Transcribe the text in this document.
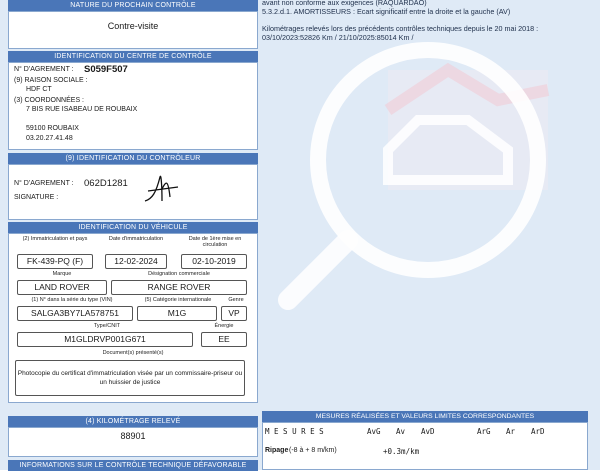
NATURE DU PROCHAIN CONTRÔLE
Contre-visite
IDENTIFICATION DU CENTRE DE CONTRÔLE
N° D'AGREMENT : S059F507
(9) RAISON SOCIALE :
HDF CT
(3) COORDONNÉES :
7 BIS RUE ISABEAU DE ROUBAIX
59100 ROUBAIX
03.20.27.41.48
(9) IDENTIFICATION DU CONTRÔLEUR
N° D'AGREMENT : 062D1281
SIGNATURE :
IDENTIFICATION DU VÉHICULE
(2) Immatriculation et pays	Date d'immatriculation	Date de 1ère mise en circulation
FK-439-PQ (F)	12-02-2024	02-10-2019
Marque	Désignation commerciale
LAND ROVER	RANGE ROVER
(1) N° dans la série du type (VIN)	(5) Catégorie internationale	Genre
SALGA3BY7LA578751	M1G	VP
Type/CNIT	Énergie
M1GLDRVP001G671	EE
Document(s) présenté(s)
Photocopie du certificat d'immatriculation visée par un commissaire-priseur ou un huissier de justice
(4) KILOMÉTRAGE RELEVÉ
88901
INFORMATIONS SUR LE CONTRÔLE TECHNIQUE DÉFAVORABLE
avant non conforme aux exigences (RAQUARDAO)
5.3.2.d.1. AMORTISSEURS : Ecart significatif entre la droite et la gauche (AV)
Kilométrages relevés lors des précédents contrôles techniques depuis le 20 mai 2018 :
03/10/2023:52826 Km / 21/10/2025:85014 Km /
MESURES RÉALISÉES ET VALEURS LIMITES CORRESPONDANTES
M E S U R E S	AvG Av AvD	ArG Ar ArD
Ripage (-8 à + 8 m/km)	+0.3m/km
